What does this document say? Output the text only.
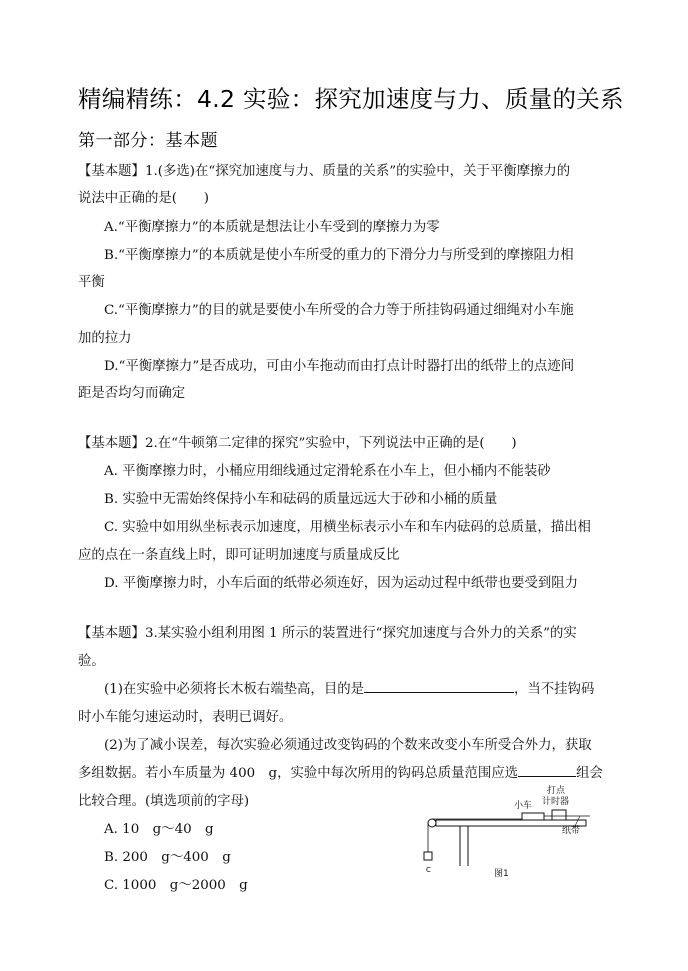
精编精练：4.2 实验：探究加速度与力、质量的关系
第一部分：基本题
【基本题】1.(多选)在“探究加速度与力、质量的关系”的实验中，关于平衡摩擦力的
说法中正确的是(　　)
A.“平衡摩擦力”的本质就是想法让小车受到的摩擦力为零
B.“平衡摩擦力”的本质就是使小车所受的重力的下滑分力与所受到的摩擦阻力相
平衡
C.“平衡摩擦力”的目的就是要使小车所受的合力等于所挂钩码通过细绳对小车施
加的拉力
D.“平衡摩擦力”是否成功，可由小车拖动而由打点计时器打出的纸带上的点迹间
距是否均匀而确定
【基本题】2.在“牛顿第二定律的探究”实验中，下列说法中正确的是(　　)
A. 平衡摩擦力时，小桶应用细线通过定滑轮系在小车上，但小桶内不能装砂
B. 实验中无需始终保持小车和砝码的质量远远大于砂和小桶的质量
C. 实验中如用纵坐标表示加速度，用横坐标表示小车和车内砝码的总质量，描出相
应的点在一条直线上时，即可证明加速度与质量成反比
D. 平衡摩擦力时，小车后面的纸带必须连好，因为运动过程中纸带也要受到阻力
【基本题】3.某实验小组利用图 1 所示的装置进行“探究加速度与合外力的关系”的实
验。
(1)在实验中必须将长木板右端垫高，目的是	，当不挂钩码
时小车能匀速运动时，表明已调好。
(2)为了减小误差，每次实验必须通过改变钩码的个数来改变小车所受合外力，获取
多组数据。若小车质量为 400　g，实验中每次所用的钩码总质量范围应选	组会
比较合理。(填选项前的字母)
A. 10　g～40　g
B. 200　g～400　g
C. 1000　g～2000　g
C
小车
打点
计时器
纸带
图1
